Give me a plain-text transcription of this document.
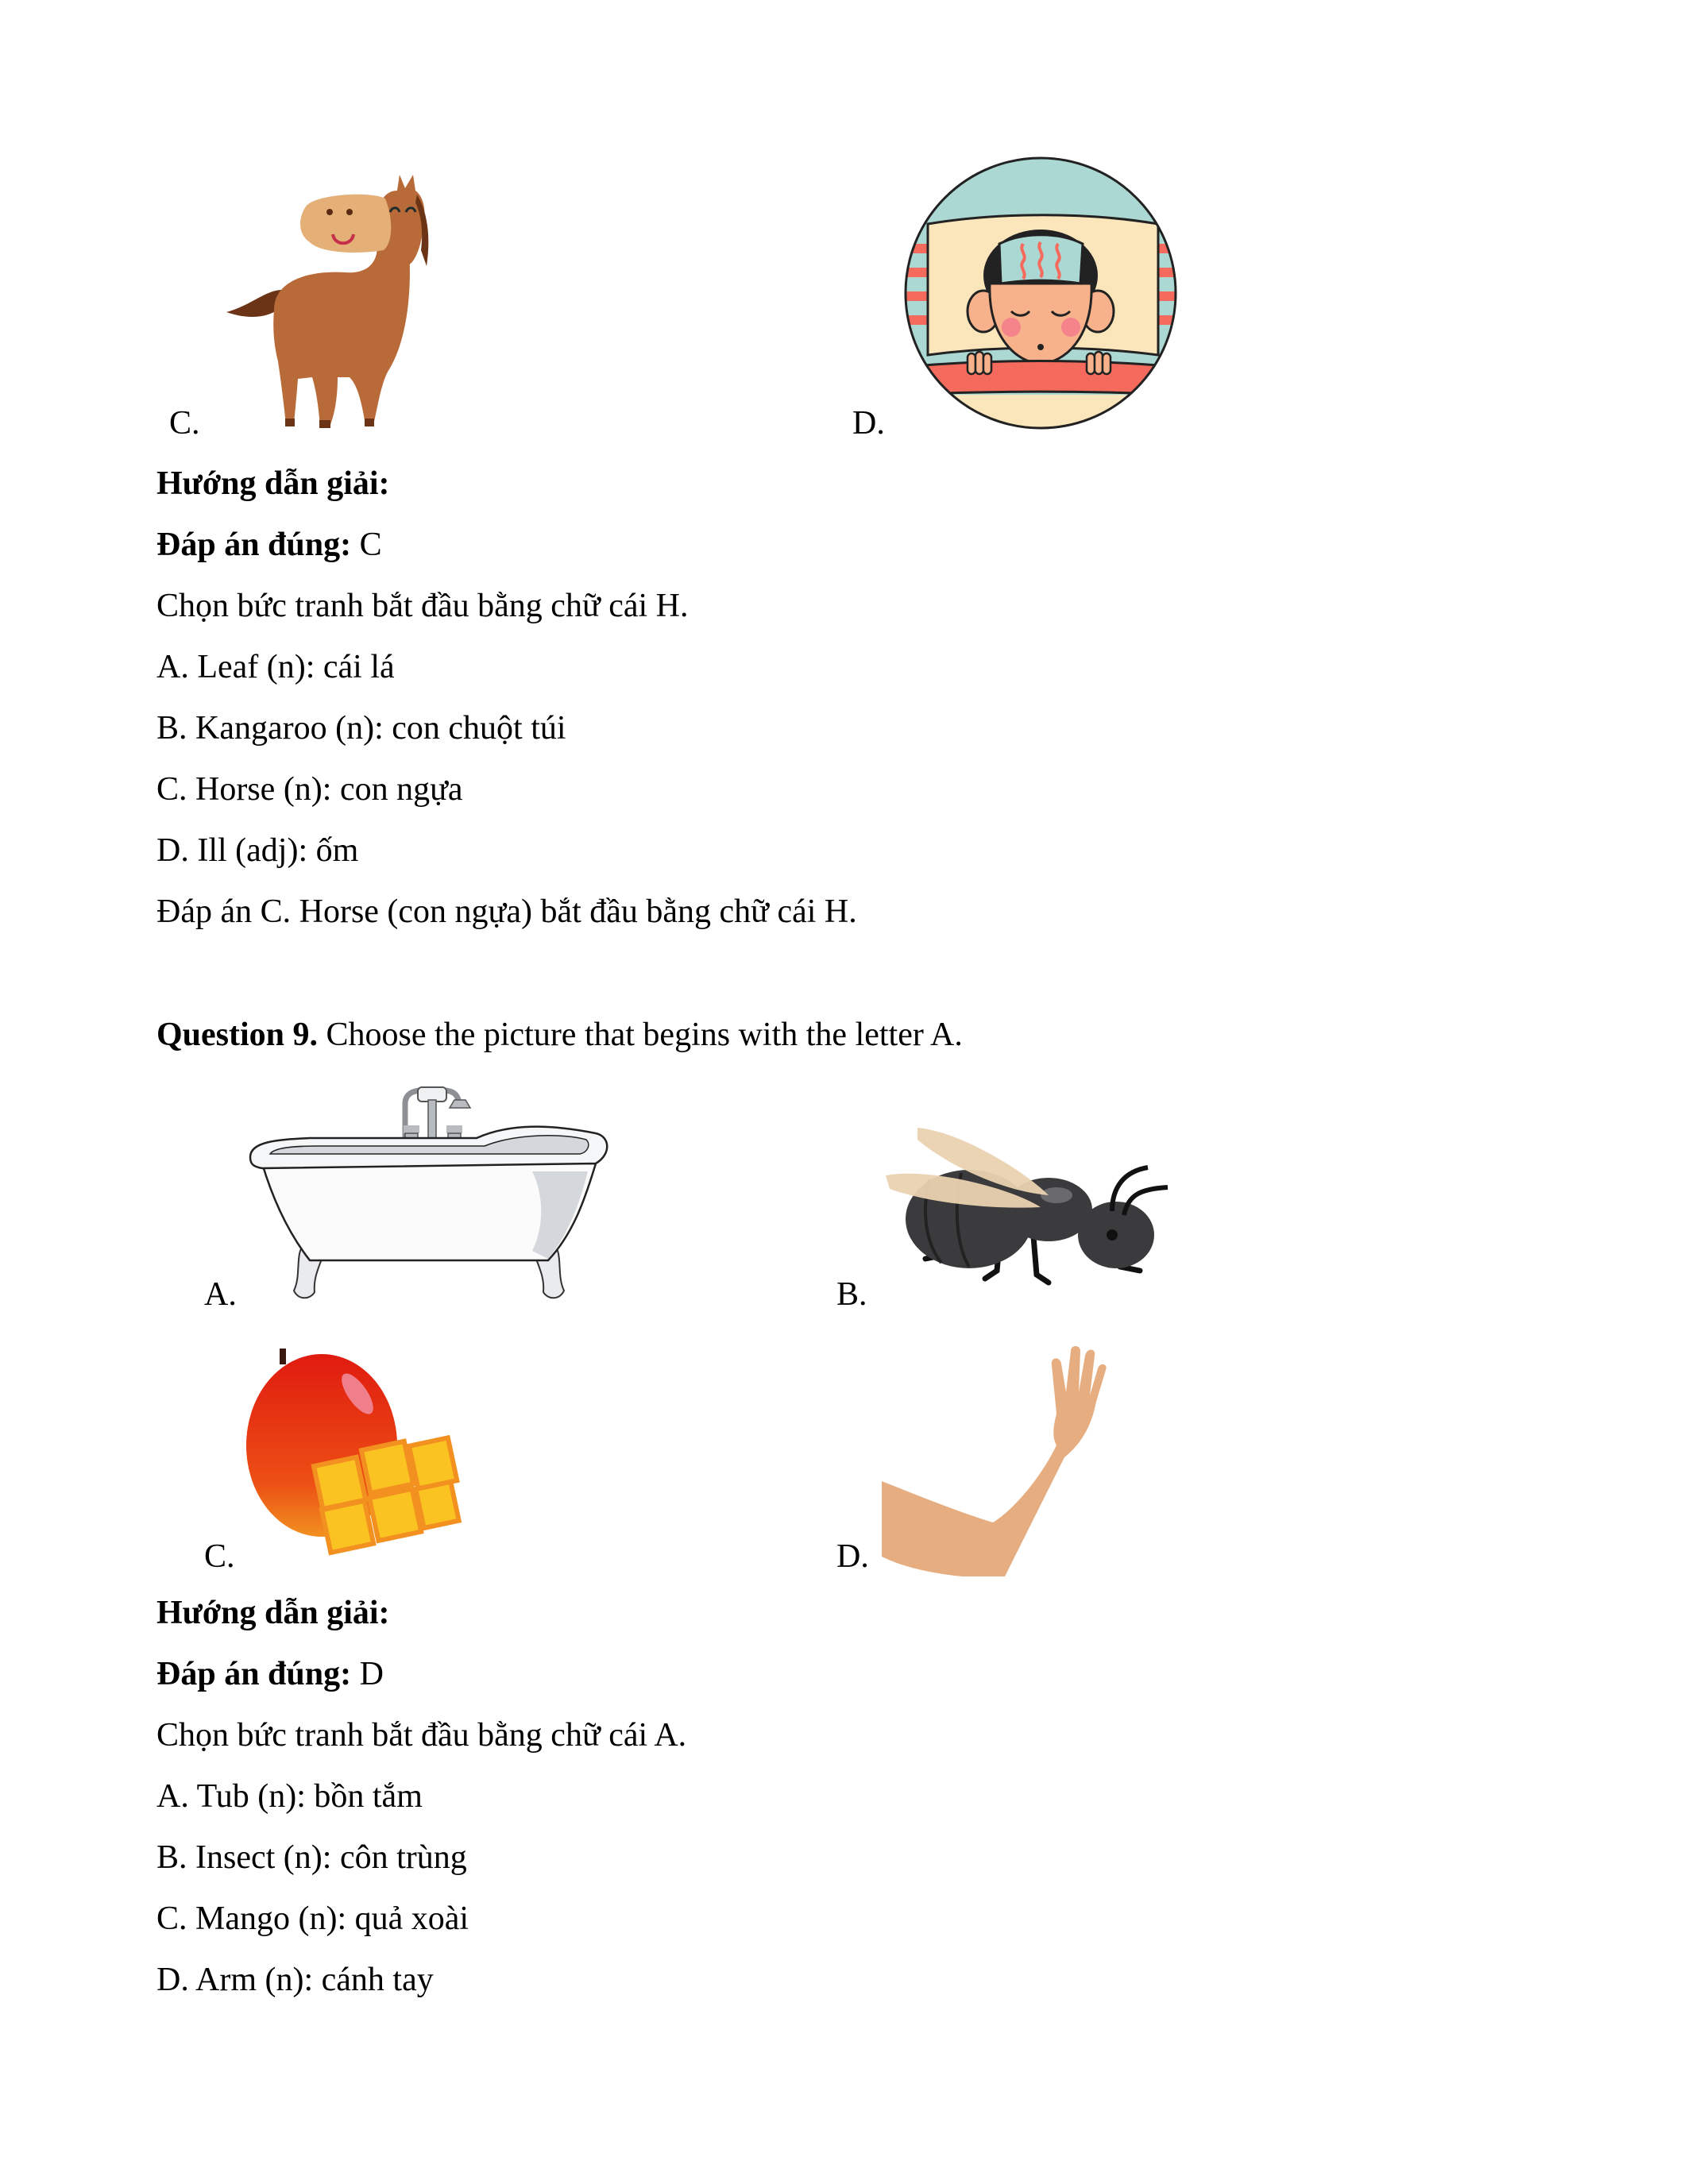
C.	D.
Hướng dẫn giải:
Đáp án đúng: C
Chọn bức tranh bắt đầu bằng chữ cái H.
A. Leaf (n): cái lá
B. Kangaroo (n): con chuột túi
C. Horse (n): con ngựa
D. Ill (adj): ốm
Đáp án C. Horse (con ngựa) bắt đầu bằng chữ cái H.
Question 9. Choose the picture that begins with the letter A.
A.	B.
C.	D.
Hướng dẫn giải:
Đáp án đúng: D
Chọn bức tranh bắt đầu bằng chữ cái A.
A. Tub (n): bồn tắm
B. Insect (n): côn trùng
C. Mango (n): quả xoài
D. Arm (n): cánh tay
